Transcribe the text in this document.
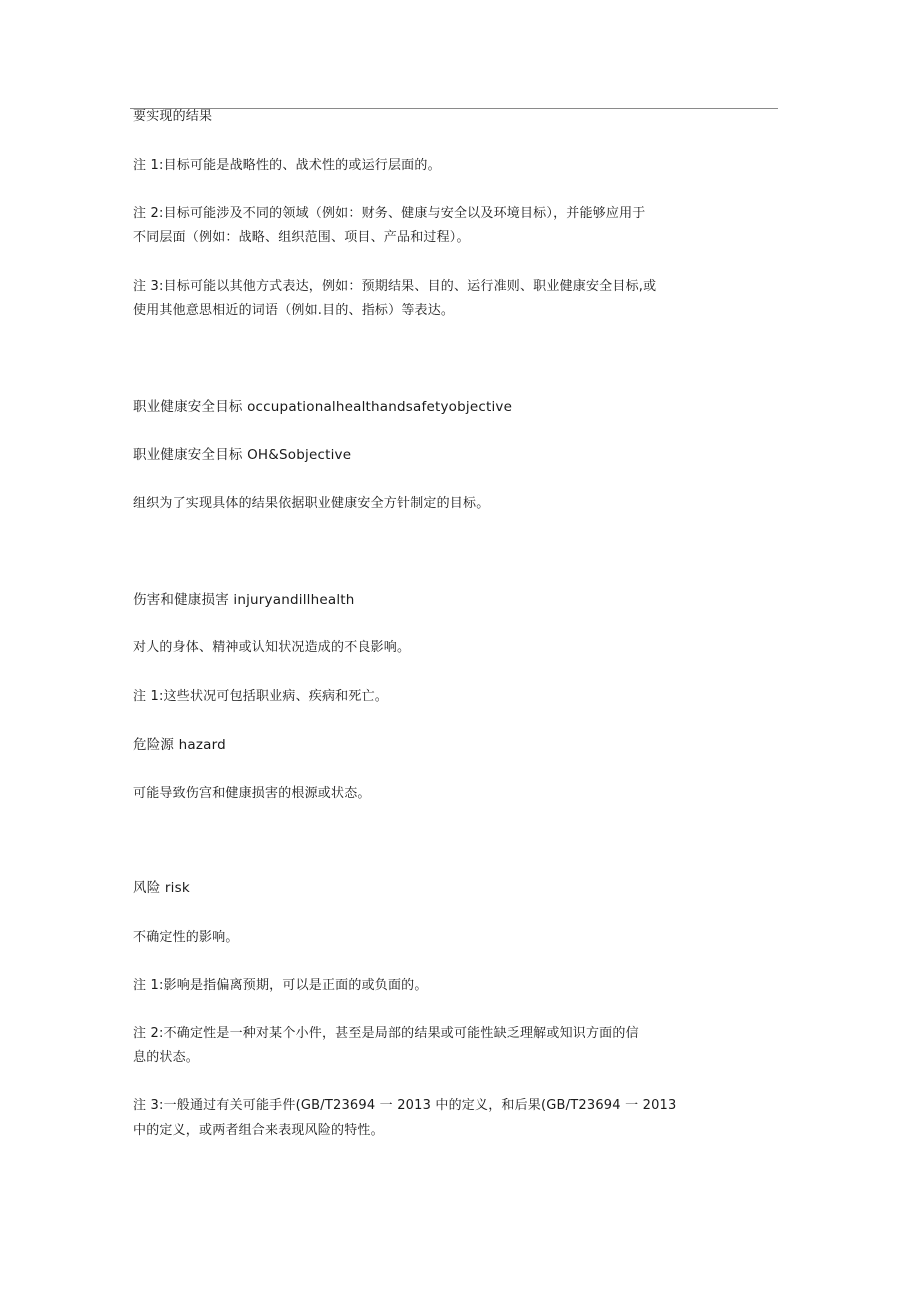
要实现的结果
注 1:目标可能是战略性的、战术性的或运行层面的。
注 2:目标可能涉及不同的领域（例如：财务、健康与安全以及环境目标），并能够应用于
不同层面（例如：战略、组织范围、项目、产品和过程）。
注 3:目标可能以其他方式表达，例如：预期结果、目的、运行准则、职业健康安全目标,或
使用其他意思相近的词语（例如.目的、指标）等表达。
职业健康安全目标 occupationalhealthandsafetyobjective
职业健康安全目标 OH&Sobjective
组织为了实现具体的结果依据职业健康安全方针制定的目标。
伤害和健康损害 injuryandillhealth
对人的身体、精神或认知状况造成的不良影响。
注 1:这些状况可包括职业病、疾病和死亡。
危险源 hazard
可能导致伤宫和健康损害的根源或状态。
风险 risk
不确定性的影响。
注 1:影响是指偏离预期，可以是正面的或负面的。
注 2:不确定性是一种对某个小件，甚至是局部的结果或可能性缺乏理解或知识方面的信
息的状态。
注 3:一般通过有关可能手件(GB/T23694 一 2013 中的定义，和后果(GB/T23694 一 2013
中的定义，或两者组合来表现风险的特性。
